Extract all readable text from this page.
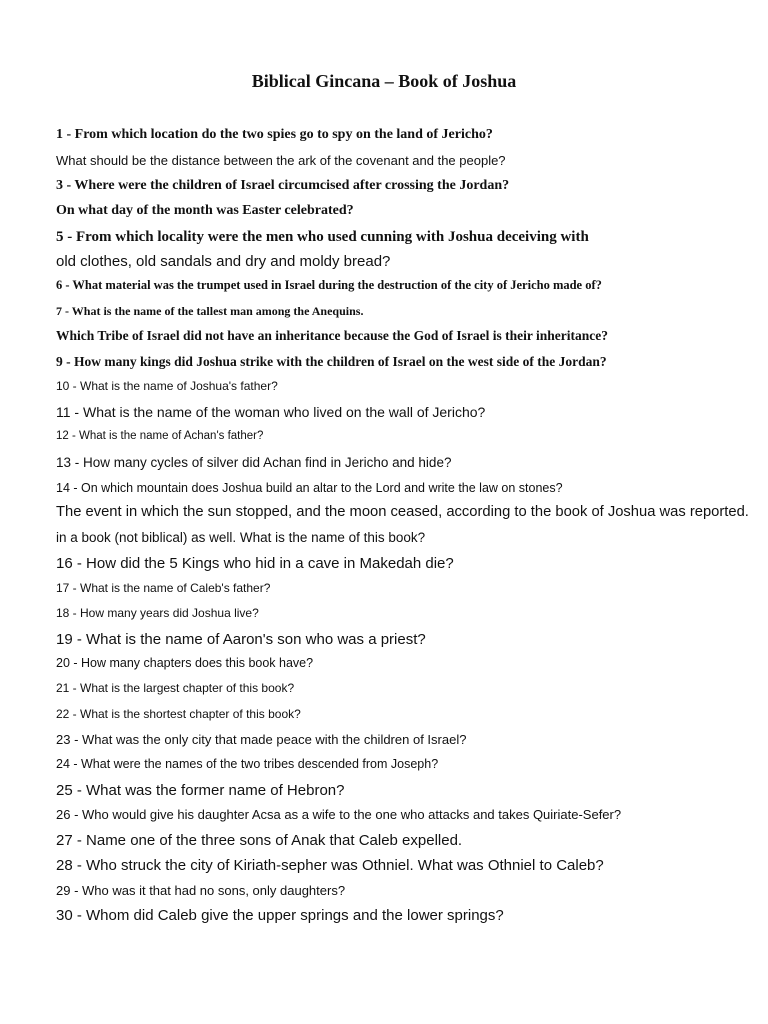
Biblical Gincana – Book of Joshua
1 - From which location do the two spies go to spy on the land of Jericho?
What should be the distance between the ark of the covenant and the people?
3 - Where were the children of Israel circumcised after crossing the Jordan?
On what day of the month was Easter celebrated?
5 - From which locality were the men who used cunning with Joshua deceiving with
old clothes, old sandals and dry and moldy bread?
6 - What material was the trumpet used in Israel during the destruction of the city of Jericho made of?
7 - What is the name of the tallest man among the Anequins.
Which Tribe of Israel did not have an inheritance because the God of Israel is their inheritance?
9 - How many kings did Joshua strike with the children of Israel on the west side of the Jordan?
10 - What is the name of Joshua's father?
11 - What is the name of the woman who lived on the wall of Jericho?
12 - What is the name of Achan's father?
13 - How many cycles of silver did Achan find in Jericho and hide?
14 - On which mountain does Joshua build an altar to the Lord and write the law on stones?
The event in which the sun stopped, and the moon ceased, according to the book of Joshua was reported.
in a book (not biblical) as well. What is the name of this book?
16 - How did the 5 Kings who hid in a cave in Makedah die?
17 - What is the name of Caleb's father?
18 - How many years did Joshua live?
19 - What is the name of Aaron's son who was a priest?
20 - How many chapters does this book have?
21 - What is the largest chapter of this book?
22 - What is the shortest chapter of this book?
23 - What was the only city that made peace with the children of Israel?
24 - What were the names of the two tribes descended from Joseph?
25 - What was the former name of Hebron?
26 - Who would give his daughter Acsa as a wife to the one who attacks and takes Quiriate-Sefer?
27 - Name one of the three sons of Anak that Caleb expelled.
28 - Who struck the city of Kiriath-sepher was Othniel. What was Othniel to Caleb?
29 - Who was it that had no sons, only daughters?
30 - Whom did Caleb give the upper springs and the lower springs?
